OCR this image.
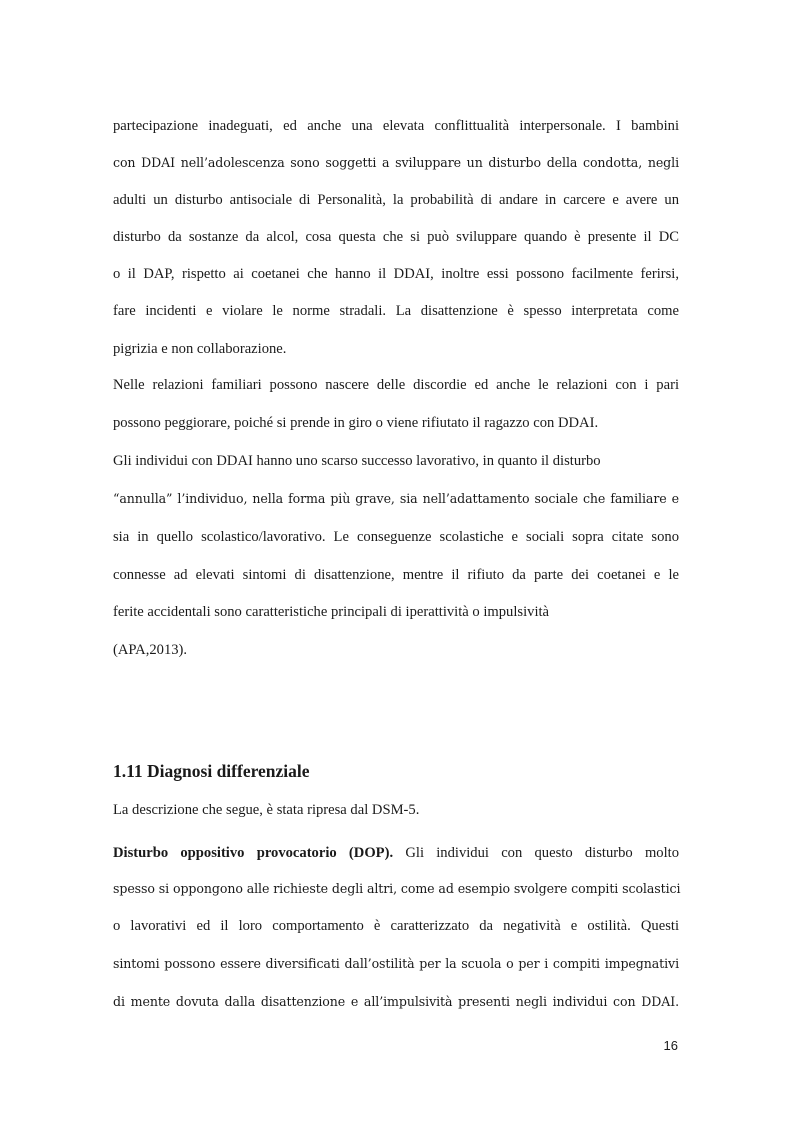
partecipazione inadeguati, ed anche una elevata conflittualità interpersonale. I bambini
con DDAI nell’adolescenza sono soggetti a sviluppare un disturbo della condotta, negli
adulti un disturbo antisociale di Personalità, la probabilità di andare in carcere e avere un
disturbo da sostanze da alcol, cosa questa che si può sviluppare quando è presente il DC
o il DAP, rispetto ai coetanei che hanno il DDAI, inoltre essi possono facilmente ferirsi,
fare incidenti e violare le norme stradali. La disattenzione è spesso interpretata come
pigrizia e non collaborazione.
Nelle relazioni familiari possono nascere delle discordie ed anche le relazioni con i pari
possono peggiorare, poiché si prende in giro o viene rifiutato il ragazzo con DDAI.
Gli individui con DDAI hanno uno scarso successo lavorativo, in quanto il disturbo
“annulla” l’individuo, nella forma più grave, sia nell’adattamento sociale che familiare e
sia in quello scolastico/lavorativo. Le conseguenze scolastiche e sociali sopra citate sono
connesse ad elevati sintomi di disattenzione, mentre il rifiuto da parte dei coetanei e le
ferite accidentali sono caratteristiche principali di iperattività o impulsività
(APA,2013).
1.11 Diagnosi differenziale
La descrizione che segue, è stata ripresa dal DSM-5.
Disturbo oppositivo provocatorio (DOP). Gli individui con questo disturbo molto
spesso si oppongono alle richieste degli altri, come ad esempio svolgere compiti scolastici
o lavorativi ed il loro comportamento è caratterizzato da negatività e ostilità. Questi
sintomi possono essere diversificati dall’ostilità per la scuola o per i compiti impegnativi
di mente dovuta dalla disattenzione e all’impulsività presenti negli individui con DDAI.
16
